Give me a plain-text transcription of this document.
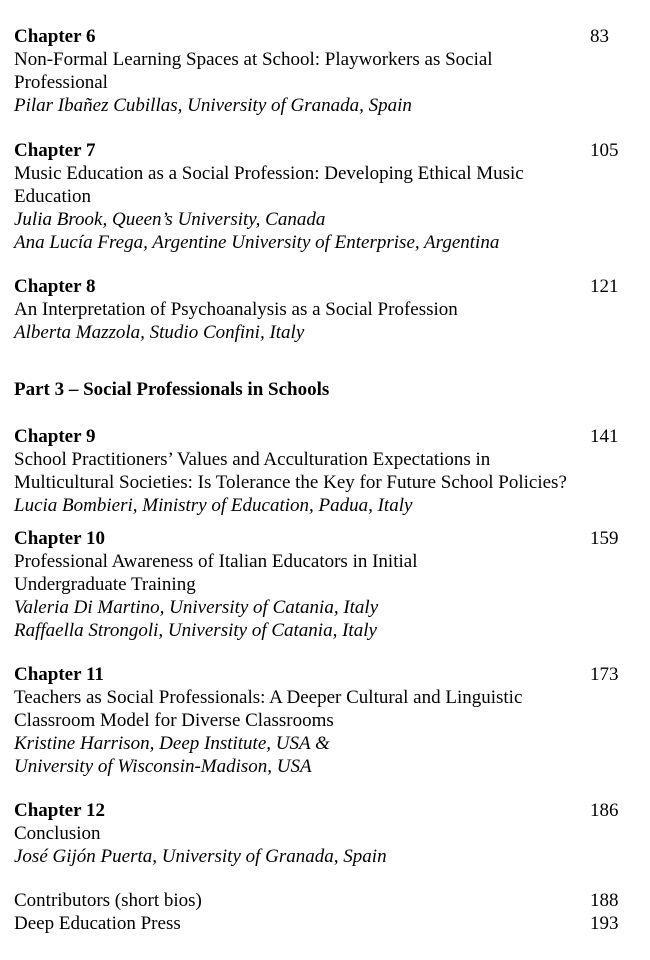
Chapter 6	83
Non-Formal Learning Spaces at School: Playworkers as Social
Professional
Pilar Ibañez Cubillas, University of Granada, Spain
Chapter 7	105
Music Education as a Social Profession: Developing Ethical Music
Education
Julia Brook, Queen’s University, Canada
Ana Lucía Frega, Argentine University of Enterprise, Argentina
Chapter 8	121
An Interpretation of Psychoanalysis as a Social Profession
Alberta Mazzola, Studio Confini, Italy
Part 3 – Social Professionals in Schools
Chapter 9	141
School Practitioners’ Values and Acculturation Expectations in
Multicultural Societies: Is Tolerance the Key for Future School Policies?
Lucia Bombieri, Ministry of Education, Padua, Italy
Chapter 10	159
Professional Awareness of Italian Educators in Initial
Undergraduate Training
Valeria Di Martino, University of Catania, Italy
Raffaella Strongoli, University of Catania, Italy
Chapter 11	173
Teachers as Social Professionals: A Deeper Cultural and Linguistic
Classroom Model for Diverse Classrooms
Kristine Harrison, Deep Institute, USA &
University of Wisconsin-Madison, USA
Chapter 12	186
Conclusion
José Gijón Puerta, University of Granada, Spain
Contributors (short bios)	188
Deep Education Press	193
